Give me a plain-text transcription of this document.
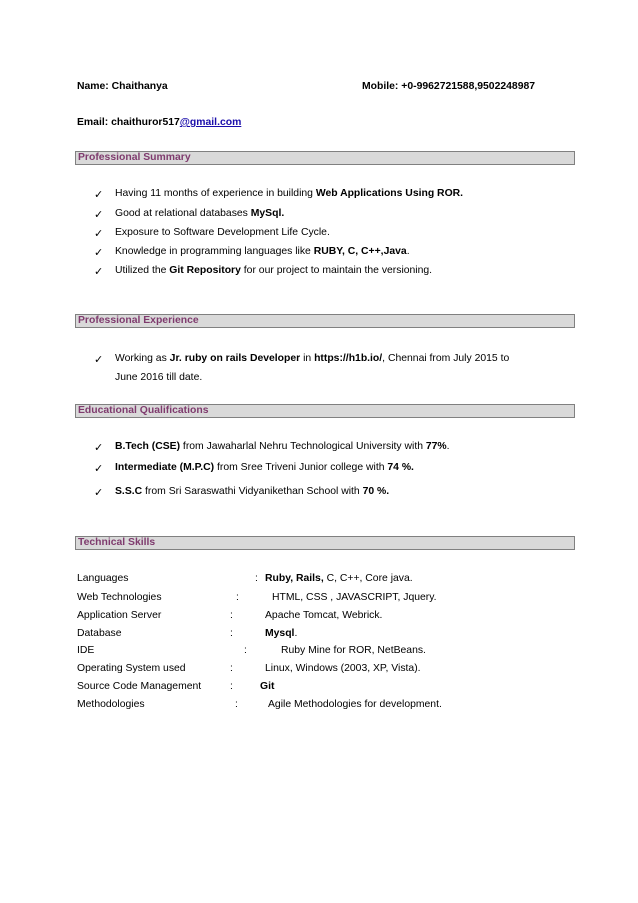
Name: Chaithanya	Mobile: +0-9962721588,9502248987
Email: chaithuror517@gmail.com
Professional Summary
✓ Having 11 months of experience in building Web Applications Using ROR.
✓ Good at relational databases MySql.
✓ Exposure to Software Development Life Cycle.
✓ Knowledge in programming languages like RUBY, C, C++,Java.
✓ Utilized the Git Repository for our project to maintain the versioning.
Professional Experience
✓ Working as Jr. ruby on rails Developer in https://h1b.io/, Chennai from July 2015 to
June 2016 till date.
Educational Qualifications
✓ B.Tech (CSE) from Jawaharlal Nehru Technological University with 77%.
✓ Intermediate (M.P.C) from Sree Triveni Junior college with 74 %.
✓ S.S.C from Sri Saraswathi Vidyanikethan School with 70 %.
Technical Skills
Languages	: Ruby, Rails, C, C++, Core java.
Web Technologies	:	HTML, CSS , JAVASCRIPT, Jquery.
Application Server	:	Apache Tomcat, Webrick.
Database	:	Mysql.
IDE	:	Ruby Mine for ROR, NetBeans.
Operating System used	:	Linux, Windows (2003, XP, Vista).
Source Code Management	:	Git
Methodologies	:	Agile Methodologies for development.
